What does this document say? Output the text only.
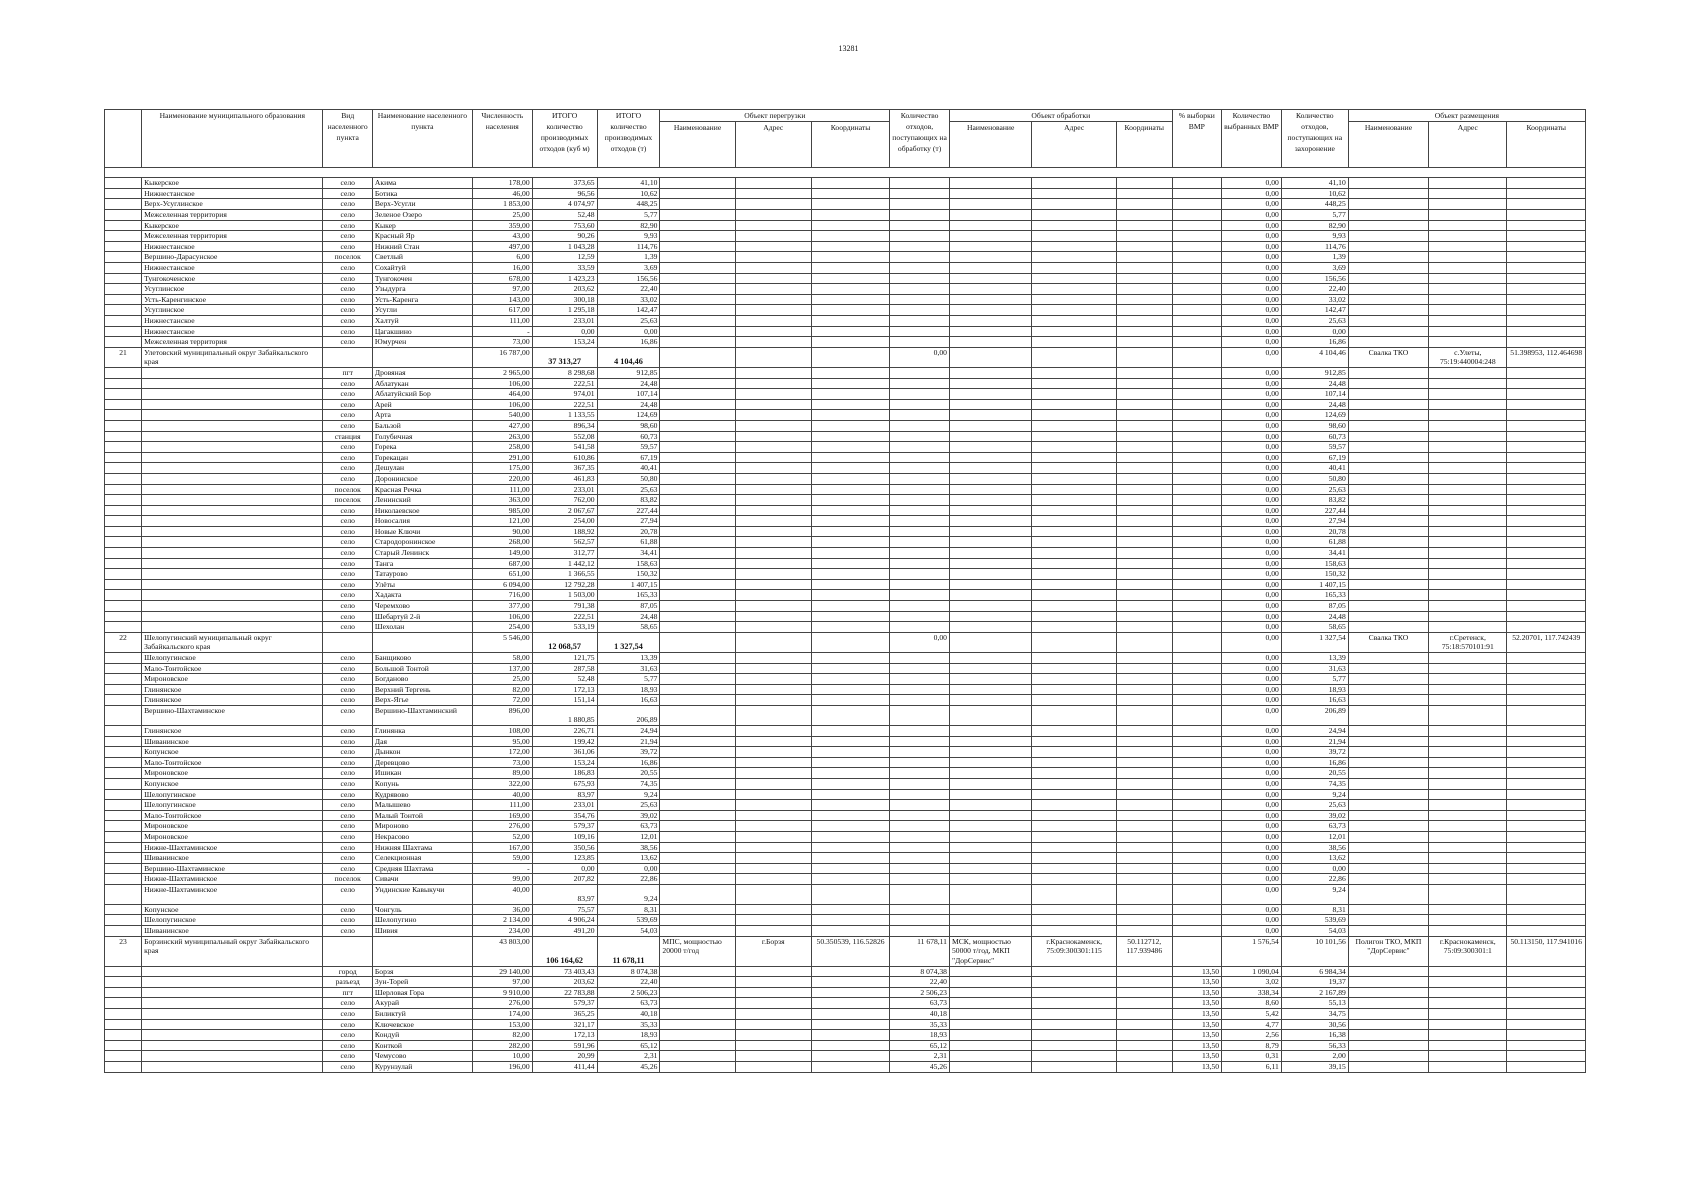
13281
	Наименование муниципального образования	Вид населенного пункта	Наименование населенного пункта	Численность населения	ИТОГО количество производимых отходов (куб м)	ИТОГО количество производимых отходов (т)	Объект перегрузки			Количество отходов, поступающих на обработку (т)	Объект обработки			% выборки ВМР	Количество выбранных ВМР	Количество отходов, поступающих на захоронение	Объект размещения		
							Наименование	Адрес	Координаты		Наименование	Адрес	Координаты				Наименование	Адрес	Координаты

	Кыкерское	село	Акима	178,00	373,65	41,10									0,00	41,10			
	Нижнестанское	село	Ботика	46,00	96,56	10,62									0,00	10,62			
	Верх-Усуглинское	село	Верх-Усугли	1 853,00	4 074,97	448,25									0,00	448,25			
	Межселенная территория	село	Зеленое Озеро	25,00	52,48	5,77									0,00	5,77			
	Кыкерское	село	Кыкер	359,00	753,60	82,90									0,00	82,90			
	Межселенная территория	село	Красный Яр	43,00	90,26	9,93									0,00	9,93			
	Нижнестанское	село	Нижний Стан	497,00	1 043,28	114,76									0,00	114,76			
	Вершино-Дарасунское	поселок	Светлый	6,00	12,59	1,39									0,00	1,39			
	Нижнестанское	село	Сохайтуй	16,00	33,59	3,69									0,00	3,69			
	Тунгокоченское	село	Тунгокочен	678,00	1 423,23	156,56									0,00	156,56			
	Усуглинское	село	Узыдурга	97,00	203,62	22,40									0,00	22,40			
	Усть-Каренгинское	село	Усть-Каренга	143,00	300,18	33,02									0,00	33,02			
	Усуглинское	село	Усугли	617,00	1 295,18	142,47									0,00	142,47			
	Нижнестанское	село	Халтуй	111,00	233,01	25,63									0,00	25,63			
	Нижнестанское	село	Цагакшино	-	0,00	0,00									0,00	0,00			
	Межселенная территория	село	Юмурчен	73,00	153,24	16,86									0,00	16,86			
21	Улетовский муниципальный округ Забайкальского края			16 787,00	37 313,27	4 104,46				0,00					0,00	4 104,46	Свалка ТКО	с.Улеты, 75:19:440004:248	51.398953, 112.464698
		пгт	Дровяная	2 965,00	8 298,68	912,85									0,00	912,85			
		село	Аблатукан	106,00	222,51	24,48									0,00	24,48			
		село	Аблатуйский Бор	464,00	974,01	107,14									0,00	107,14			
		село	Арей	106,00	222,51	24,48									0,00	24,48			
		село	Арта	540,00	1 133,55	124,69									0,00	124,69			
		село	Бальзой	427,00	896,34	98,60									0,00	98,60			
		станция	Голубичная	263,00	552,08	60,73									0,00	60,73			
		село	Горека	258,00	541,58	59,57									0,00	59,57			
		село	Горекацан	291,00	610,86	67,19									0,00	67,19			
		село	Дешулан	175,00	367,35	40,41									0,00	40,41			
		село	Доронинское	220,00	461,83	50,80									0,00	50,80			
		поселок	Красная Речка	111,00	233,01	25,63									0,00	25,63			
		поселок	Ленинский	363,00	762,00	83,82									0,00	83,82			
		село	Николаевское	985,00	2 067,67	227,44									0,00	227,44			
		село	Новосалия	121,00	254,00	27,94									0,00	27,94			
		село	Новые Ключи	90,00	188,92	20,78									0,00	20,78			
		село	Стародоронинское	268,00	562,57	61,88									0,00	61,88			
		село	Старый Ленинск	149,00	312,77	34,41									0,00	34,41			
		село	Танга	687,00	1 442,12	158,63									0,00	158,63			
		село	Татаурово	651,00	1 366,55	150,32									0,00	150,32			
		село	Улёты	6 094,00	12 792,28	1 407,15									0,00	1 407,15			
		село	Хадакта	716,00	1 503,00	165,33									0,00	165,33			
		село	Черемхово	377,00	791,38	87,05									0,00	87,05			
		село	Шебартуй 2-й	106,00	222,51	24,48									0,00	24,48			
		село	Шехолан	254,00	533,19	58,65									0,00	58,65			
22	Шелопугинский муниципальный округ Забайкальского края			5 546,00	12 068,57	1 327,54				0,00					0,00	1 327,54	Свалка ТКО	г.Сретенск, 75:18:570101:91	52.20701, 117.742439
	Шелопугинское	село	Банщиково	58,00	121,75	13,39									0,00	13,39			
	Мало-Тонтойское	село	Большой Тонтой	137,00	287,58	31,63									0,00	31,63			
	Мироновское	село	Богданово	25,00	52,48	5,77									0,00	5,77			
	Глинянское	село	Верхний Тергень	82,00	172,13	18,93									0,00	18,93			
	Глинянское	село	Верх-Ягье	72,00	151,14	16,63									0,00	16,63			
	Вершино-Шахтаминское	село	Вершино-Шахтаминский	896,00	1 880,85	206,89									0,00	206,89			
	Глинянское	село	Глинянка	108,00	226,71	24,94									0,00	24,94			
	Шиванинское	село	Дая	95,00	199,42	21,94									0,00	21,94			
	Копунское	село	Дынкон	172,00	361,06	39,72									0,00	39,72			
	Мало-Тонтойское	село	Деревцово	73,00	153,24	16,86									0,00	16,86			
	Мироновское	село	Ишикан	89,00	186,83	20,55									0,00	20,55			
	Копунское	село	Копунь	322,00	675,93	74,35									0,00	74,35			
	Шелопугинское	село	Кудрявово	40,00	83,97	9,24									0,00	9,24			
	Шелопугинское	село	Малышево	111,00	233,01	25,63									0,00	25,63			
	Мало-Тонтойское	село	Малый Тонтой	169,00	354,76	39,02									0,00	39,02			
	Мироновское	село	Мироново	276,00	579,37	63,73									0,00	63,73			
	Мироновское	село	Некрасово	52,00	109,16	12,01									0,00	12,01			
	Нижне-Шахтаминское	село	Нижняя Шахтама	167,00	350,56	38,56									0,00	38,56			
	Шиванинское	село	Селекционная	59,00	123,85	13,62									0,00	13,62			
	Вершино-Шахтаминское	село	Средняя Шахтама	-	0,00	0,00									0,00	0,00			
	Нижне-Шахтаминское	поселок	Сивачи	99,00	207,82	22,86									0,00	22,86			
	Нижне-Шахтаминское	село	Ундинские Кавыкучи	40,00	83,97	9,24									0,00	9,24			
	Копунское	село	Чонгуль	36,00	75,57	8,31									0,00	8,31			
	Шелопугинское	село	Шелопугино	2 134,00	4 906,24	539,69									0,00	539,69			
	Шиванинское	село	Шивия	234,00	491,20	54,03									0,00	54,03			
23	Борзинский муниципальный округ Забайкальского края			43 803,00	106 164,62	11 678,11	МПС, мощностью 20000 т/год	г.Борзя	50.350539, 116.52826	11 678,11	МСК, мощностью 50000 т/год, МКП "ДорСервис"	г.Краснокаменск, 75:09:300301:115	50.112712, 117.939486		1 576,54	10 101,56	Полигон ТКО, МКП "ДорСервис"	г.Краснокаменск, 75:09:300301:1	50.113150, 117.941016
		город	Борзя	29 140,00	73 403,43	8 074,38				8 074,38				13,50	1 090,04	6 984,34			
		разъезд	Зун-Торей	97,00	203,62	22,40				22,40				13,50	3,02	19,37			
		пгт	Шерловая Гора	9 910,00	22 783,88	2 506,23				2 506,23				13,50	338,34	2 167,89			
		село	Акурай	276,00	579,37	63,73				63,73				13,50	8,60	55,13			
		село	Биликтуй	174,00	365,25	40,18				40,18				13,50	5,42	34,75			
		село	Ключевское	153,00	321,17	35,33				35,33				13,50	4,77	30,56			
		село	Кондуй	82,00	172,13	18,93				18,93				13,50	2,56	16,38			
		село	Конткой	282,00	591,96	65,12				65,12				13,50	8,79	56,33			
		село	Чемусово	10,00	20,99	2,31				2,31				13,50	0,31	2,00			
		село	Курунзулай	196,00	411,44	45,26				45,26				13,50	6,11	39,15			
